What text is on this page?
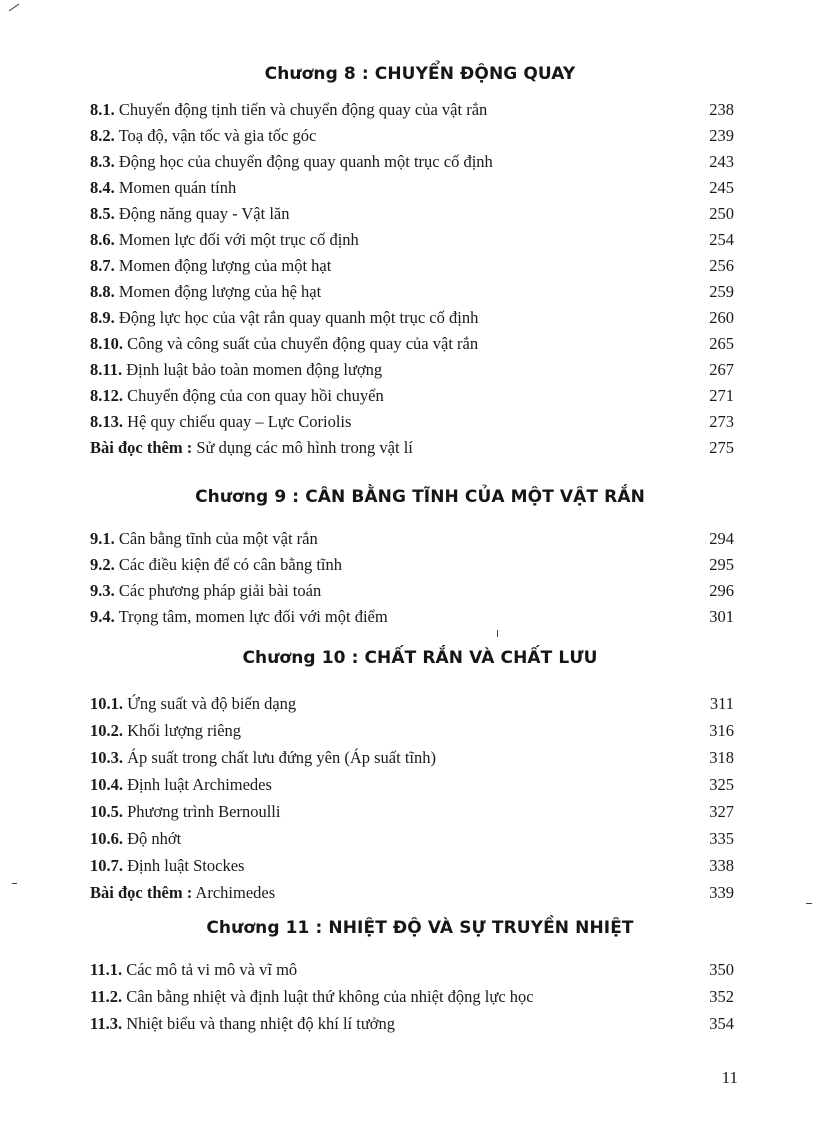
Chương 8 : CHUYỂN ĐỘNG QUAY
8.1. Chuyển động tịnh tiến và chuyển động quay của vật rắn	238
8.2. Toạ độ, vận tốc và gia tốc góc	239
8.3. Động học của chuyển động quay quanh một trục cố định	243
8.4. Momen quán tính	245
8.5. Động năng quay - Vật lăn	250
8.6. Momen lực đối với một trục cố định	254
8.7. Momen động lượng của một hạt	256
8.8. Momen động lượng của hệ hạt	259
8.9. Động lực học của vật rắn quay quanh một trục cố định	260
8.10. Công và công suất của chuyển động quay của vật rắn	265
8.11. Định luật bảo toàn momen động lượng	267
8.12. Chuyển động của con quay hồi chuyển	271
8.13. Hệ quy chiếu quay – Lực Coriolis	273
Bài đọc thêm : Sử dụng các mô hình trong vật lí	275
Chương 9 : CÂN BẰNG TĨNH CỦA MỘT VẬT RẮN
9.1. Cân bằng tĩnh của một vật rắn	294
9.2. Các điều kiện để có cân bằng tĩnh	295
9.3. Các phương pháp giải bài toán	296
9.4. Trọng tâm, momen lực đối với một điểm	301
Chương 10 : CHẤT RẮN VÀ CHẤT LƯU
10.1. Ứng suất và độ biến dạng	311
10.2. Khối lượng riêng	316
10.3. Áp suất trong chất lưu đứng yên (Áp suất tĩnh)	318
10.4. Định luật Archimedes	325
10.5. Phương trình Bernoulli	327
10.6. Độ nhớt	335
10.7. Định luật Stockes	338
Bài đọc thêm : Archimedes	339
Chương 11 : NHIỆT ĐỘ VÀ SỰ TRUYỀN NHIỆT
11.1. Các mô tả vi mô và vĩ mô	350
11.2. Cân bằng nhiệt và định luật thứ không của nhiệt động lực học	352
11.3. Nhiệt biểu và thang nhiệt độ khí lí tưởng	354
11
